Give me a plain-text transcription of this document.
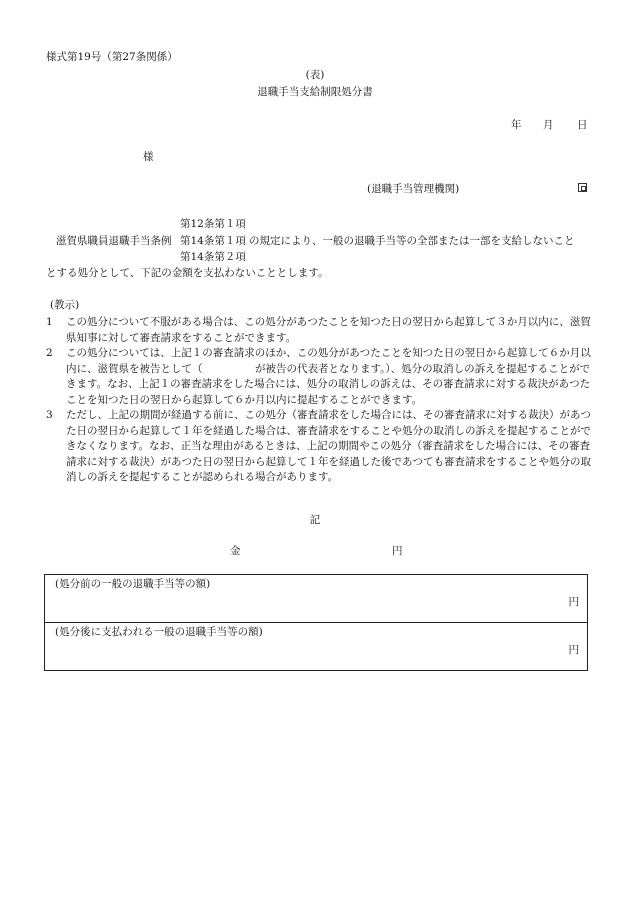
様式第19号（第27条関係）
(表)
退職手当支給制限処分書
年 月 日
様
(退職手当管理機関)
第12条第１項
滋賀県職員退職手当条例 第14条第１項 の規定により、一般の退職手当等の全部または一部を支給しないこと
第14条第２項
とする処分として、下記の金額を支払わないこととします。
(教示)

1 この処分について不服がある場合は、この処分があつたことを知つた日の翌日から起算して３か月以内に、滋賀県知事に対して審査請求をすることができます。

2 この処分については、上記１の審査請求のほか、この処分があつたことを知つた日の翌日から起算して６か月以内に、滋賀県を被告として（　　　　　が被告の代表者となります。）、処分の取消しの訴えを提起することができます。なお、上記１の審査請求をした場合には、処分の取消しの訴えは、その審査請求に対する裁決があつたことを知つた日の翌日から起算して６か月以内に提起することができます。

3 ただし、上記の期間が経過する前に、この処分（審査請求をした場合には、その審査請求に対する裁決）があつた日の翌日から起算して１年を経過した場合は、審査請求をすることや処分の取消しの訴えを提起することができなくなります。なお、正当な理由があるときは、上記の期間やこの処分（審査請求をした場合には、その審査請求に対する裁決）があつた日の翌日から起算して１年を経過した後であつても審査請求をすることや処分の取消しの訴えを提起することが認められる場合があります。

記
金	円
(処分前の一般の退職手当等の額)
円
(処分後に支払われる一般の退職手当等の額)
円
